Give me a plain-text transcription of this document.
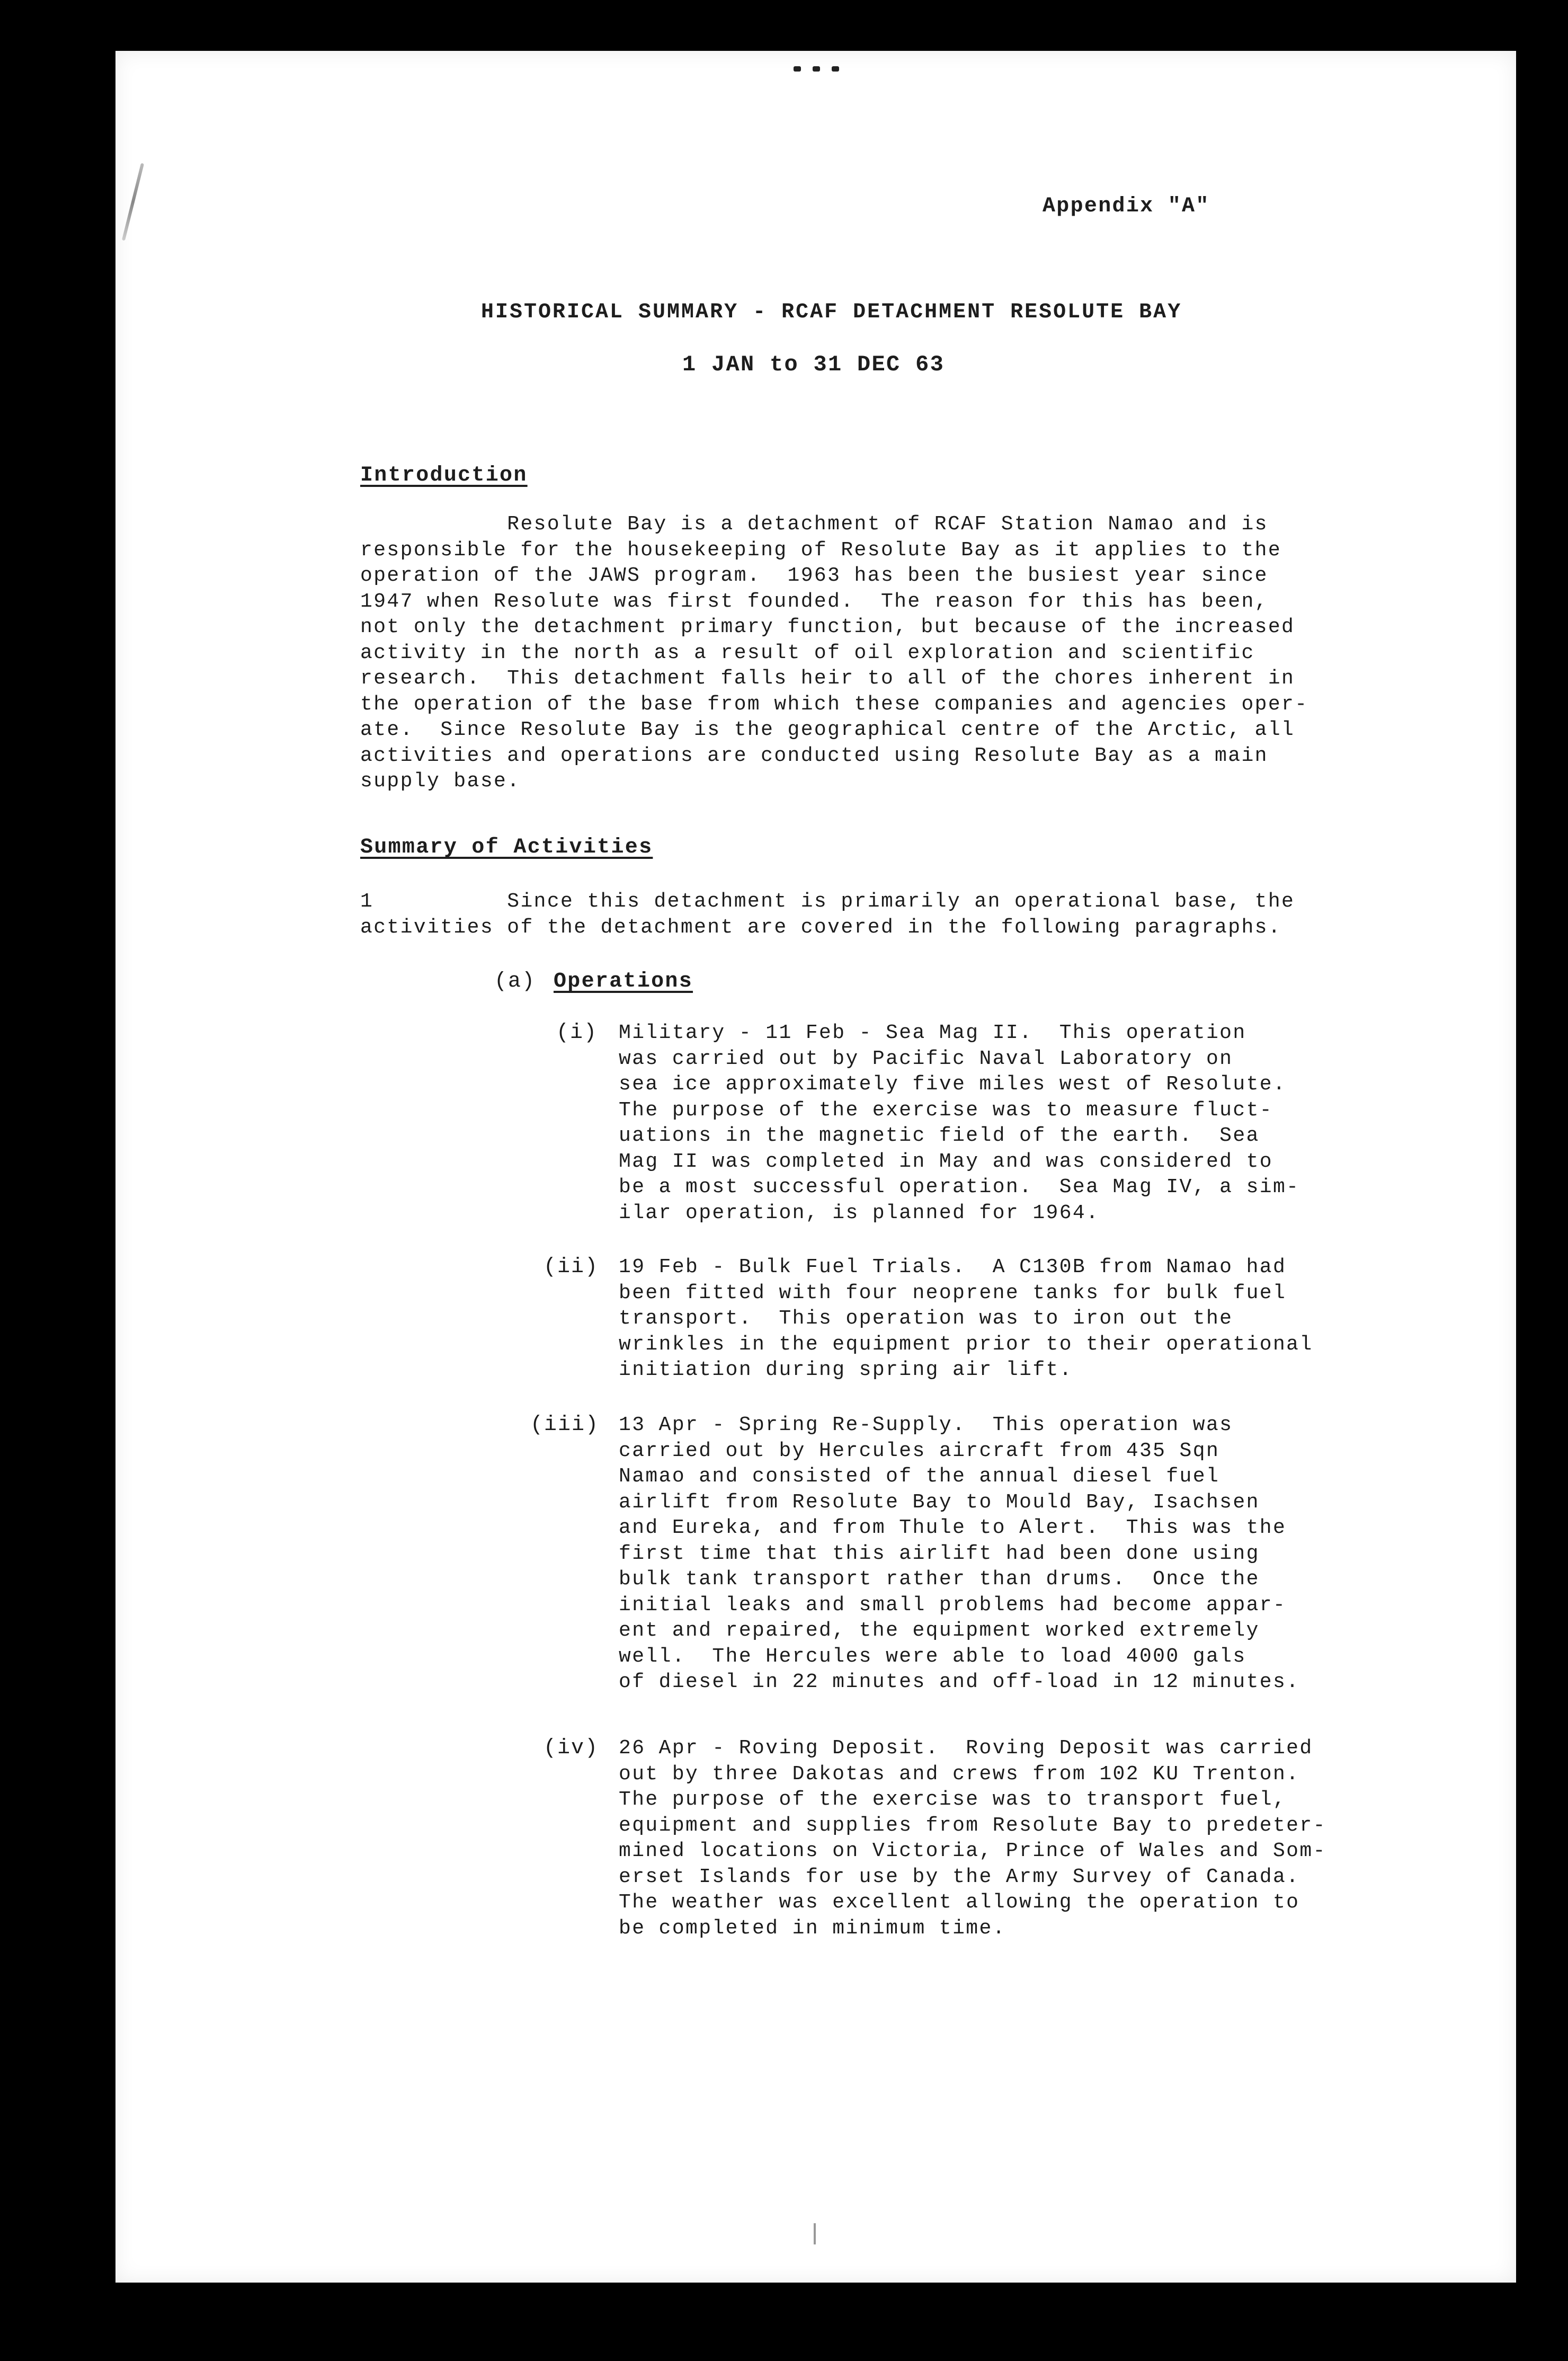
Appendix "A"
HISTORICAL SUMMARY - RCAF DETACHMENT RESOLUTE BAY
1 JAN to 31 DEC 63
Introduction
Resolute Bay is a detachment of RCAF Station Namao and is
responsible for the housekeeping of Resolute Bay as it applies to the
operation of the JAWS program.  1963 has been the busiest year since
1947 when Resolute was first founded.  The reason for this has been,
not only the detachment primary function, but because of the increased
activity in the north as a result of oil exploration and scientific
research.  This detachment falls heir to all of the chores inherent in
the operation of the base from which these companies and agencies oper-
ate.  Since Resolute Bay is the geographical centre of the Arctic, all
activities and operations are conducted using Resolute Bay as a main
supply base.
Summary of Activities
1          Since this detachment is primarily an operational base, the
activities of the detachment are covered in the following paragraphs.
(a) Operations
(i) Military - 11 Feb - Sea Mag II.  This operation
was carried out by Pacific Naval Laboratory on
sea ice approximately five miles west of Resolute.
The purpose of the exercise was to measure fluct-
uations in the magnetic field of the earth.  Sea
Mag II was completed in May and was considered to
be a most successful operation.  Sea Mag IV, a sim-
ilar operation, is planned for 1964.
(ii) 19 Feb - Bulk Fuel Trials.  A C130B from Namao had
been fitted with four neoprene tanks for bulk fuel
transport.  This operation was to iron out the
wrinkles in the equipment prior to their operational
initiation during spring air lift.
(iii) 13 Apr - Spring Re-Supply.  This operation was
carried out by Hercules aircraft from 435 Sqn
Namao and consisted of the annual diesel fuel
airlift from Resolute Bay to Mould Bay, Isachsen
and Eureka, and from Thule to Alert.  This was the
first time that this airlift had been done using
bulk tank transport rather than drums.  Once the
initial leaks and small problems had become appar-
ent and repaired, the equipment worked extremely
well.  The Hercules were able to load 4000 gals
of diesel in 22 minutes and off-load in 12 minutes.
(iv) 26 Apr - Roving Deposit.  Roving Deposit was carried
out by three Dakotas and crews from 102 KU Trenton.
The purpose of the exercise was to transport fuel,
equipment and supplies from Resolute Bay to predeter-
mined locations on Victoria, Prince of Wales and Som-
erset Islands for use by the Army Survey of Canada.
The weather was excellent allowing the operation to
be completed in minimum time.
